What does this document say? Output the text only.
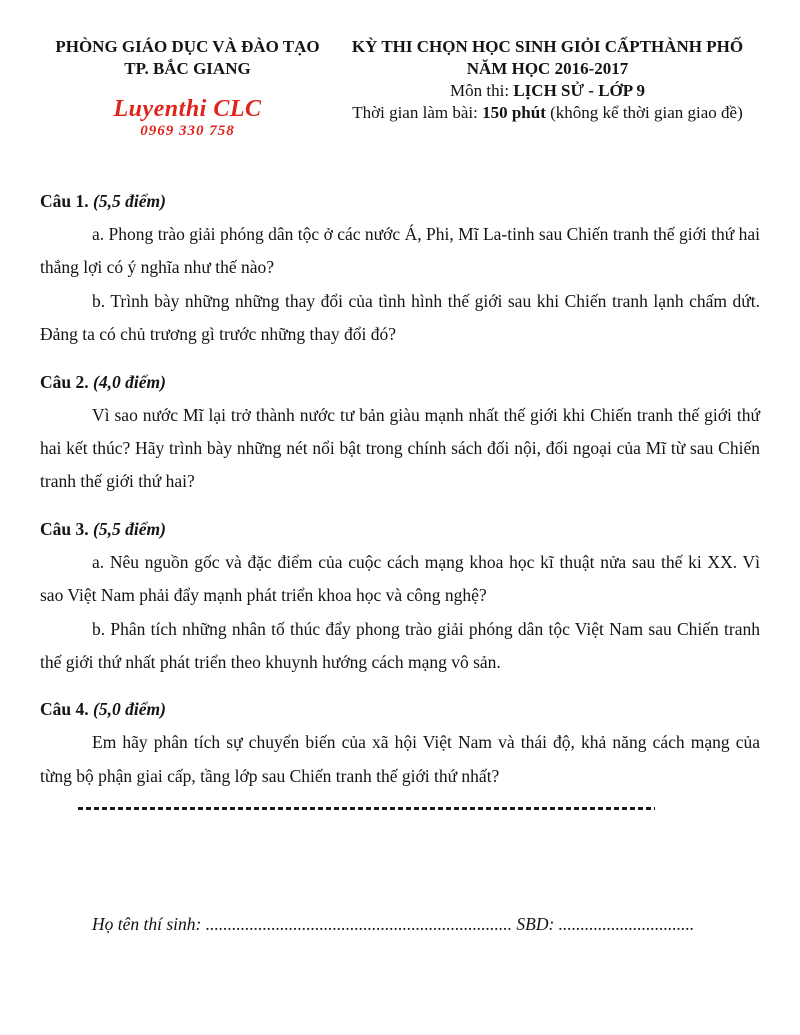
PHÒNG GIÁO DỤC VÀ ĐÀO TẠO
TP. BẮC GIANG
Luyenthi CLC
0969 330 758
KỲ THI CHỌN HỌC SINH GIỎI CẤPTHÀNH PHỐ
NĂM HỌC 2016-2017
Môn thi: LỊCH SỬ - LỚP 9
Thời gian làm bài: 150 phút (không kể thời gian giao đề)

Câu 1. (5,5 điểm)

a. Phong trào giải phóng dân tộc ở các nước Á, Phi, Mĩ La-tinh sau Chiến tranh thế giới thứ hai thắng lợi có ý nghĩa như thế nào?

b. Trình bày những những thay đổi của tình hình thế giới sau khi Chiến tranh lạnh chấm dứt. Đảng ta có chủ trương gì trước những thay đổi đó?

Câu 2. (4,0 điểm)

Vì sao nước Mĩ lại trở thành nước tư bản giàu mạnh nhất thế giới khi Chiến tranh thế giới thứ hai kết thúc? Hãy trình bày những nét nổi bật trong chính sách đối nội, đối ngoại của Mĩ từ sau Chiến tranh thế giới thứ hai?

Câu 3. (5,5 điểm)

a. Nêu nguồn gốc và đặc điểm của cuộc cách mạng khoa học kĩ thuật nửa sau thế ki XX. Vì sao Việt Nam phải đẩy mạnh phát triển khoa học và công nghệ?

b. Phân tích những nhân tố thúc đẩy phong trào giải phóng dân tộc Việt Nam sau Chiến tranh thế giới thứ nhất phát triển theo khuynh hướng cách mạng vô sản.

Câu 4. (5,0 điểm)

Em hãy phân tích sự chuyển biến của xã hội Việt Nam và thái độ, khả năng cách mạng của từng bộ phận giai cấp, tầng lớp sau Chiến tranh thế giới thứ nhất?

Họ tên thí sinh: ...................................................................... SBD: ...............................
